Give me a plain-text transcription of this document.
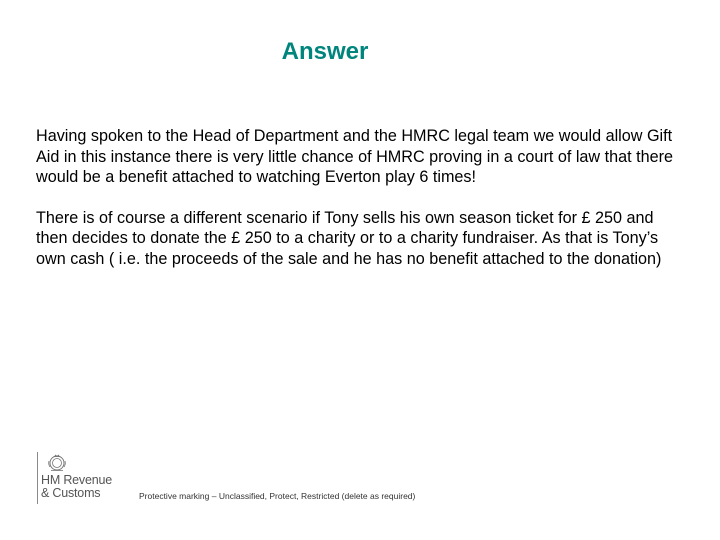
Answer

Having spoken to the Head of Department and the HMRC legal team we would allow Gift Aid in this instance there is very little chance of HMRC proving in a court of law that there would be a benefit attached to watching Everton play 6 times!

There is of course a different scenario if Tony sells his own season ticket for £ 250 and then decides to donate the £ 250 to a charity or to a charity fundraiser. As that is Tony’s own cash ( i.e. the proceeds of the sale and he has no benefit attached to the donation)

HM Revenue
& Customs	Protective marking – Unclassified, Protect, Restricted (delete as required)
